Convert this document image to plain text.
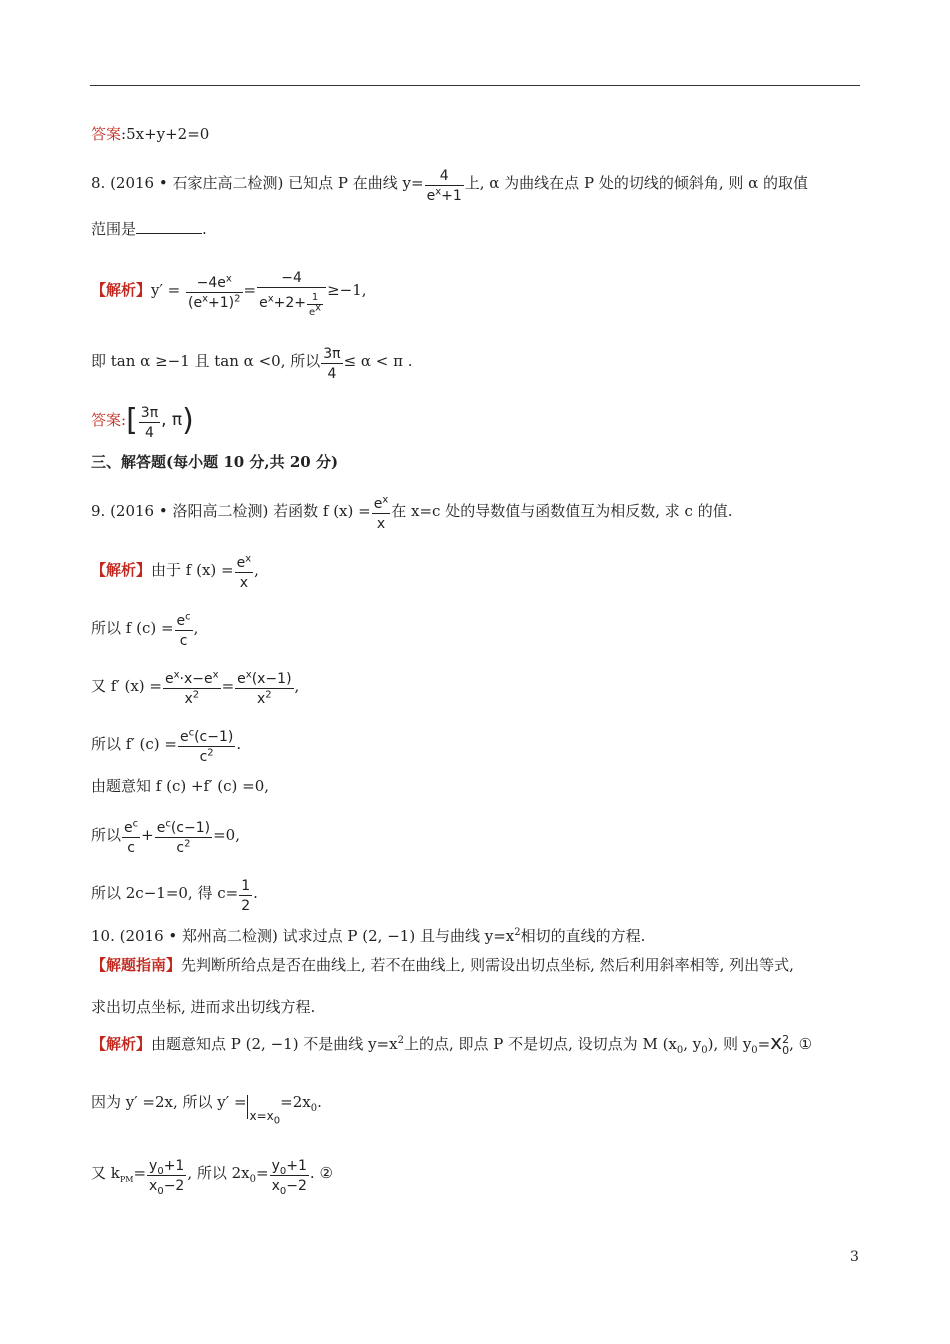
答案:5x+y+2=0
8. (2016 • 石家庄高二检测) 已知点 P 在曲线 $y= \frac{4}{e^x+1}$ 上, α 为曲线在点 P 处的切线的倾斜角, 则 α 的取值
范围是	.
【解析】$y' = \frac{-4e^x}{(e^x+1)^2} = \frac{-4}{e^x+2+ \frac{1}{e^x}} \ge-1$,
即 tan α ≥−1 且 tan α <0, 所以 $\frac{3\pi}{4} \le \alpha < \pi$ .
答案:[ $\frac{3\pi}{4}$ , π)
三、解答题(每小题 10 分,共 20 分)
9. (2016 • 洛阳高二检测) 若函数 f $(x) = \frac{e^x}{x}$ 在 x=c 处的导数值与函数值互为相反数, 求 c 的值.
【解析】由于 f $(x) = \frac{e^x}{x}$ ,
所以 f $(c) = \frac{e^c}{c}$ ,
又 f′ $(x) = \frac{e^x\cdot x-e^x}{x^2} = \frac{e^x(x-1)}{x^2}$ ,
所以 f′ $(c) = \frac{e^c(c-1)}{c^2}$ .
由题意知 f (c) +f′ (c) =0,
所以 $\frac{e^c}{c} + \frac{e^c(c-1)}{c^2} =0$,
所以 2c−1=0, 得 $c= \frac{1}{2}$ .
10. (2016 • 郑州高二检测) 试求过点 P (2, −1) 且与曲线 $y=x^2$相切的直线的方程.
【解题指南】先判断所给点是否在曲线上, 若不在曲线上, 则需设出切点坐标, 然后利用斜率相等, 列出等式,
求出切点坐标, 进而求出切线方程.
【解析】由题意知点 P (2, −1) 不是曲线 $y=x^2$上的点, 即点 P 不是切点, 设切点为 M ($x_0$, $y_0$), 则 $y_0=x$ 2
0 , ①
因为 y′ =2x, 所以 $y' =_{x=x_0}=2x_0$.
又 $k_{PM}= \frac{y_0+1}{x_0-2}$ , 所以 $2x_0= \frac{y_0+1}{x_0-2}$ . ②
3
